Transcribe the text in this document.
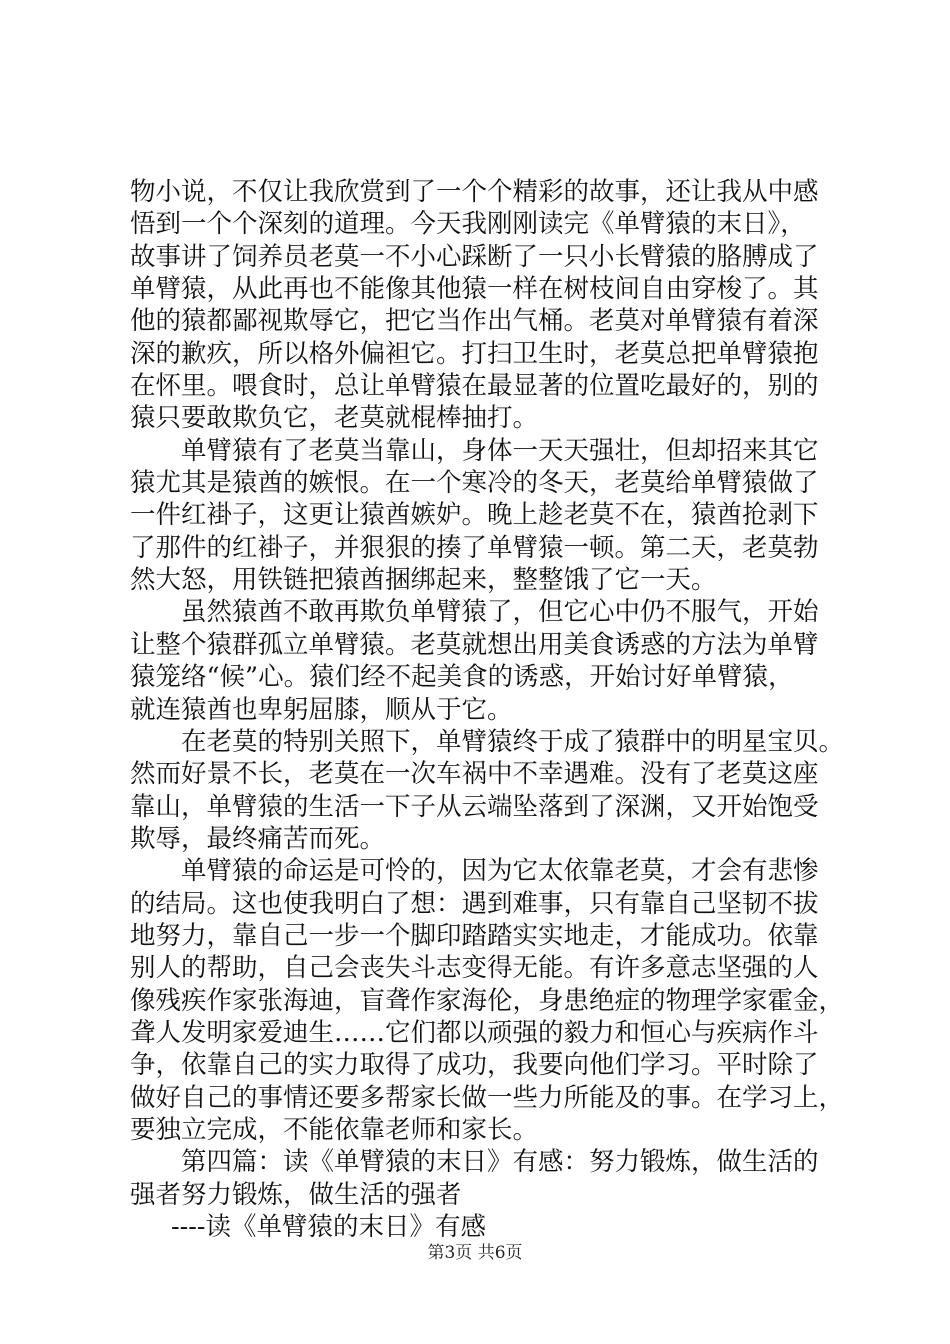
物小说，不仅让我欣赏到了一个个精彩的故事，还让我从中感
悟到一个个深刻的道理。今天我刚刚读完《单臂猿的末日》，
故事讲了饲养员老莫一不小心踩断了一只小长臂猿的胳膊成了
单臂猿，从此再也不能像其他猿一样在树枝间自由穿梭了。其
他的猿都鄙视欺辱它，把它当作出气桶。老莫对单臂猿有着深
深的歉疚，所以格外偏袒它。打扫卫生时，老莫总把单臂猿抱
在怀里。喂食时，总让单臂猿在最显著的位置吃最好的，别的
猿只要敢欺负它，老莫就棍棒抽打。
单臂猿有了老莫当靠山，身体一天天强壮，但却招来其它
猿尤其是猿酋的嫉恨。在一个寒冷的冬天，老莫给单臂猿做了
一件红褂子，这更让猿酋嫉妒。晚上趁老莫不在，猿酋抢剥下
了那件的红褂子，并狠狠的揍了单臂猿一顿。第二天，老莫勃
然大怒，用铁链把猿酋捆绑起来，整整饿了它一天。
虽然猿酋不敢再欺负单臂猿了，但它心中仍不服气，开始
让整个猿群孤立单臂猿。老莫就想出用美食诱惑的方法为单臂
猿笼络“候”心。猿们经不起美食的诱惑，开始讨好单臂猿，
就连猿酋也卑躬屈膝，顺从于它。
在老莫的特别关照下，单臂猿终于成了猿群中的明星宝贝。
然而好景不长，老莫在一次车祸中不幸遇难。没有了老莫这座
靠山，单臂猿的生活一下子从云端坠落到了深渊，又开始饱受
欺辱，最终痛苦而死。
单臂猿的命运是可怜的，因为它太依靠老莫，才会有悲惨
的结局。这也使我明白了想：遇到难事，只有靠自己坚韧不拔
地努力，靠自己一步一个脚印踏踏实实地走，才能成功。依靠
别人的帮助，自己会丧失斗志变得无能。有许多意志坚强的人
像残疾作家张海迪，盲聋作家海伦，身患绝症的物理学家霍金，
聋人发明家爱迪生……它们都以顽强的毅力和恒心与疾病作斗
争，依靠自己的实力取得了成功，我要向他们学习。平时除了
做好自己的事情还要多帮家长做一些力所能及的事。在学习上，
要独立完成，不能依靠老师和家长。
第四篇：读《单臂猿的末日》有感：努力锻炼，做生活的
强者努力锻炼，做生活的强者
----读《单臂猿的末日》有感
第3页 共6页
